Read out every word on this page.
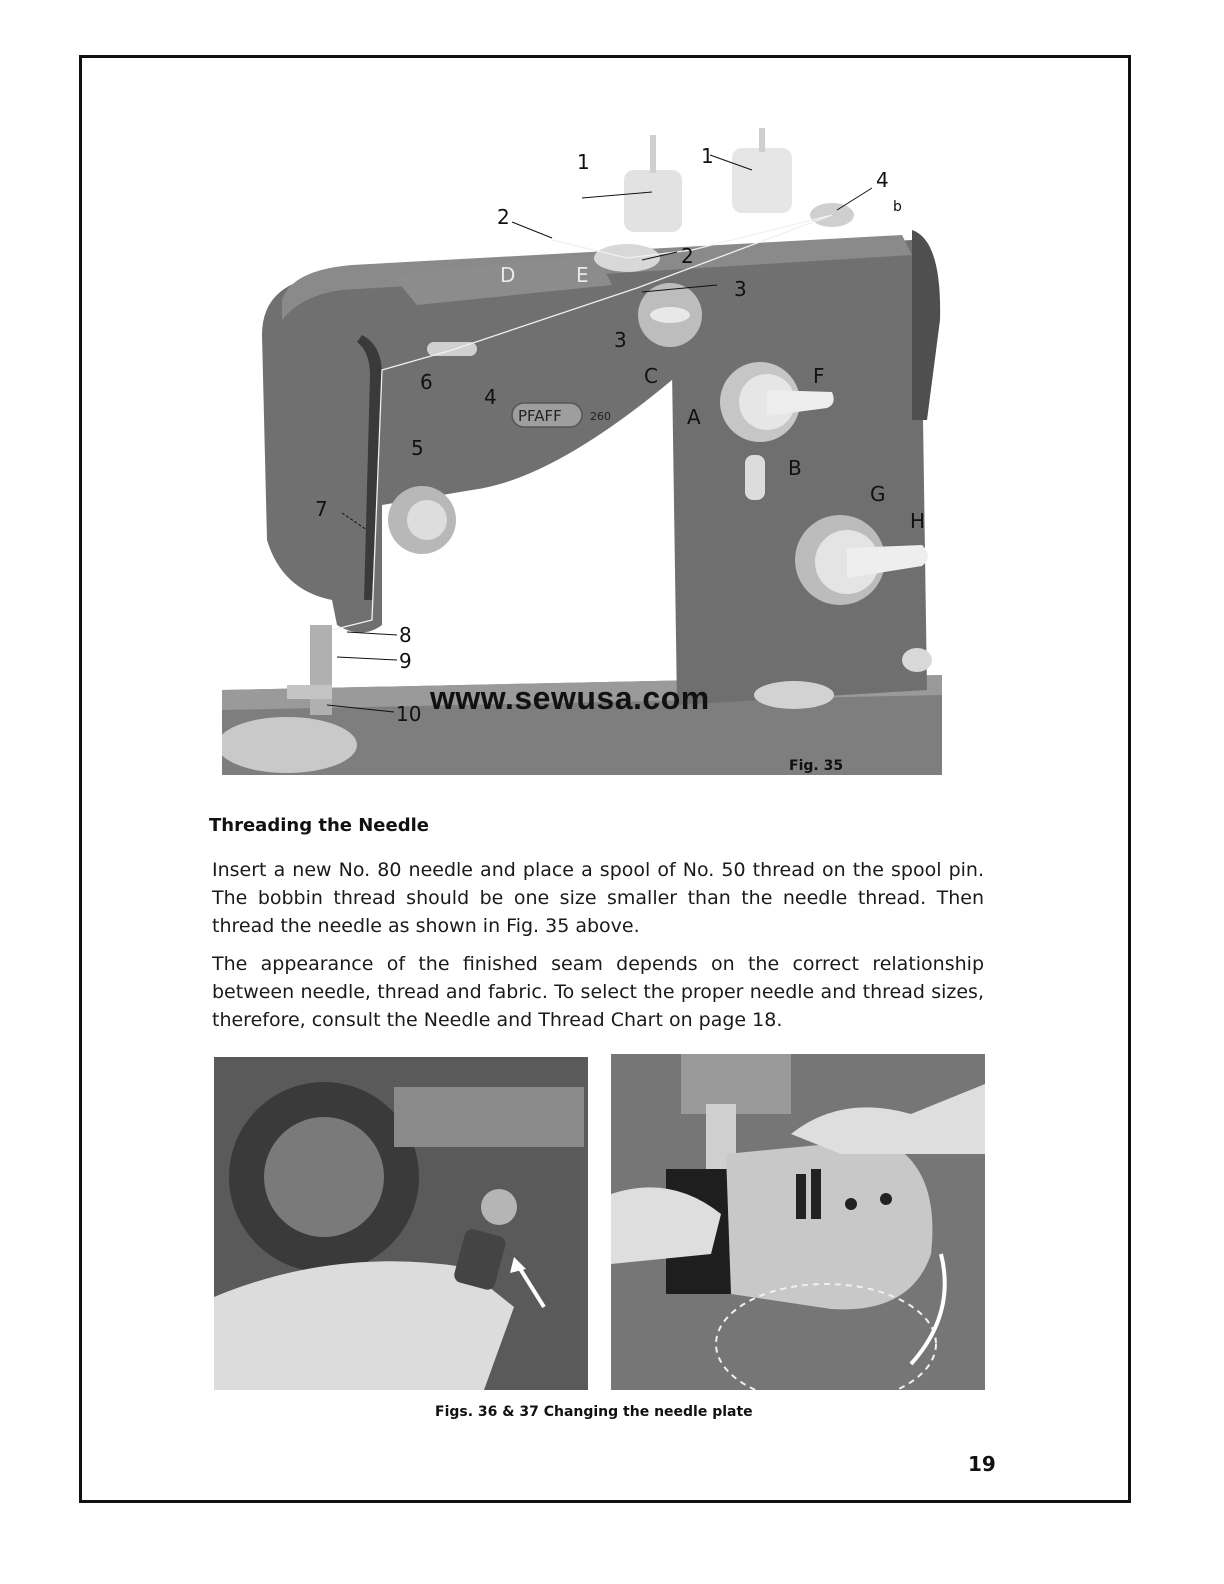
PFAFF	260
1	1
2
2
3
3
4
4
b
D	E
C
A
F
B
G
H
5
6
7
8
9
10 www.sewusa.com
Fig. 35
Threading the Needle

Insert a new No. 80 needle and place a spool of No. 50 thread on the spool pin. The bobbin thread should be one size smaller than the needle thread. Then thread the needle as shown in Fig. 35 above.

The appearance of the finished seam depends on the correct relationship between needle, thread and fabric. To select the proper needle and thread sizes, therefore, consult the Needle and Thread Chart on page 18.

Figs. 36 & 37 Changing the needle plate
19
